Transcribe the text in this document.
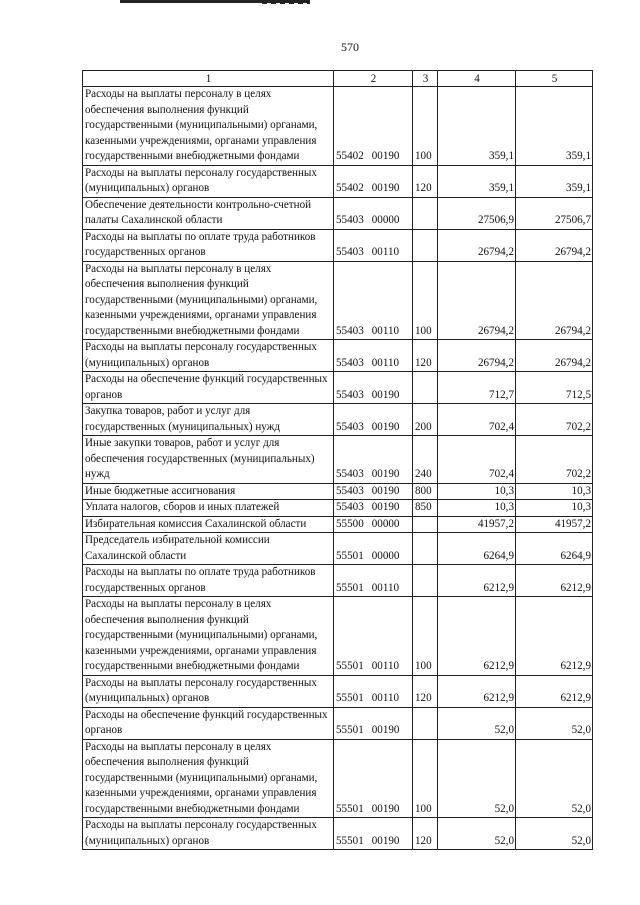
570
1	2	3	4	5
Расходы на выплаты персоналу в целях обеспечения выполнения функций государственными (муниципальными) органами, казенными учреждениями, органами управления государственными внебюджетными фондами	55402 00190	100	359,1	359,1
Расходы на выплаты персоналу государственных (муниципальных) органов	55402 00190	120	359,1	359,1
Обеспечение деятельности контрольно-счетной палаты Сахалинской области	55403 00000		27506,9	27506,7
Расходы на выплаты по оплате труда работников государственных органов	55403 00110		26794,2	26794,2
Расходы на выплаты персоналу в целях обеспечения выполнения функций государственными (муниципальными) органами, казенными учреждениями, органами управления государственными внебюджетными фондами	55403 00110	100	26794,2	26794,2
Расходы на выплаты персоналу государственных (муниципальных) органов	55403 00110	120	26794,2	26794,2
Расходы на обеспечение функций государственных органов	55403 00190		712,7	712,5
Закупка товаров, работ и услуг для государственных (муниципальных) нужд	55403 00190	200	702,4	702,2
Иные закупки товаров, работ и услуг для обеспечения государственных (муниципальных) нужд	55403 00190	240	702,4	702,2
Иные бюджетные ассигнования	55403 00190	800	10,3	10,3
Уплата налогов, сборов и иных платежей	55403 00190	850	10,3	10,3
Избирательная комиссия Сахалинской области	55500 00000		41957,2	41957,2
Председатель избирательной комиссии Сахалинской области	55501 00000		6264,9	6264,9
Расходы на выплаты по оплате труда работников государственных органов	55501 00110		6212,9	6212,9
Расходы на выплаты персоналу в целях обеспечения выполнения функций государственными (муниципальными) органами, казенными учреждениями, органами управления государственными внебюджетными фондами	55501 00110	100	6212,9	6212,9
Расходы на выплаты персоналу государственных (муниципальных) органов	55501 00110	120	6212,9	6212,9
Расходы на обеспечение функций государственных органов	55501 00190		52,0	52,0
Расходы на выплаты персоналу в целях обеспечения выполнения функций государственными (муниципальными) органами, казенными учреждениями, органами управления государственными внебюджетными фондами	55501 00190	100	52,0	52,0
Расходы на выплаты персоналу государственных (муниципальных) органов	55501 00190	120	52,0	52,0
